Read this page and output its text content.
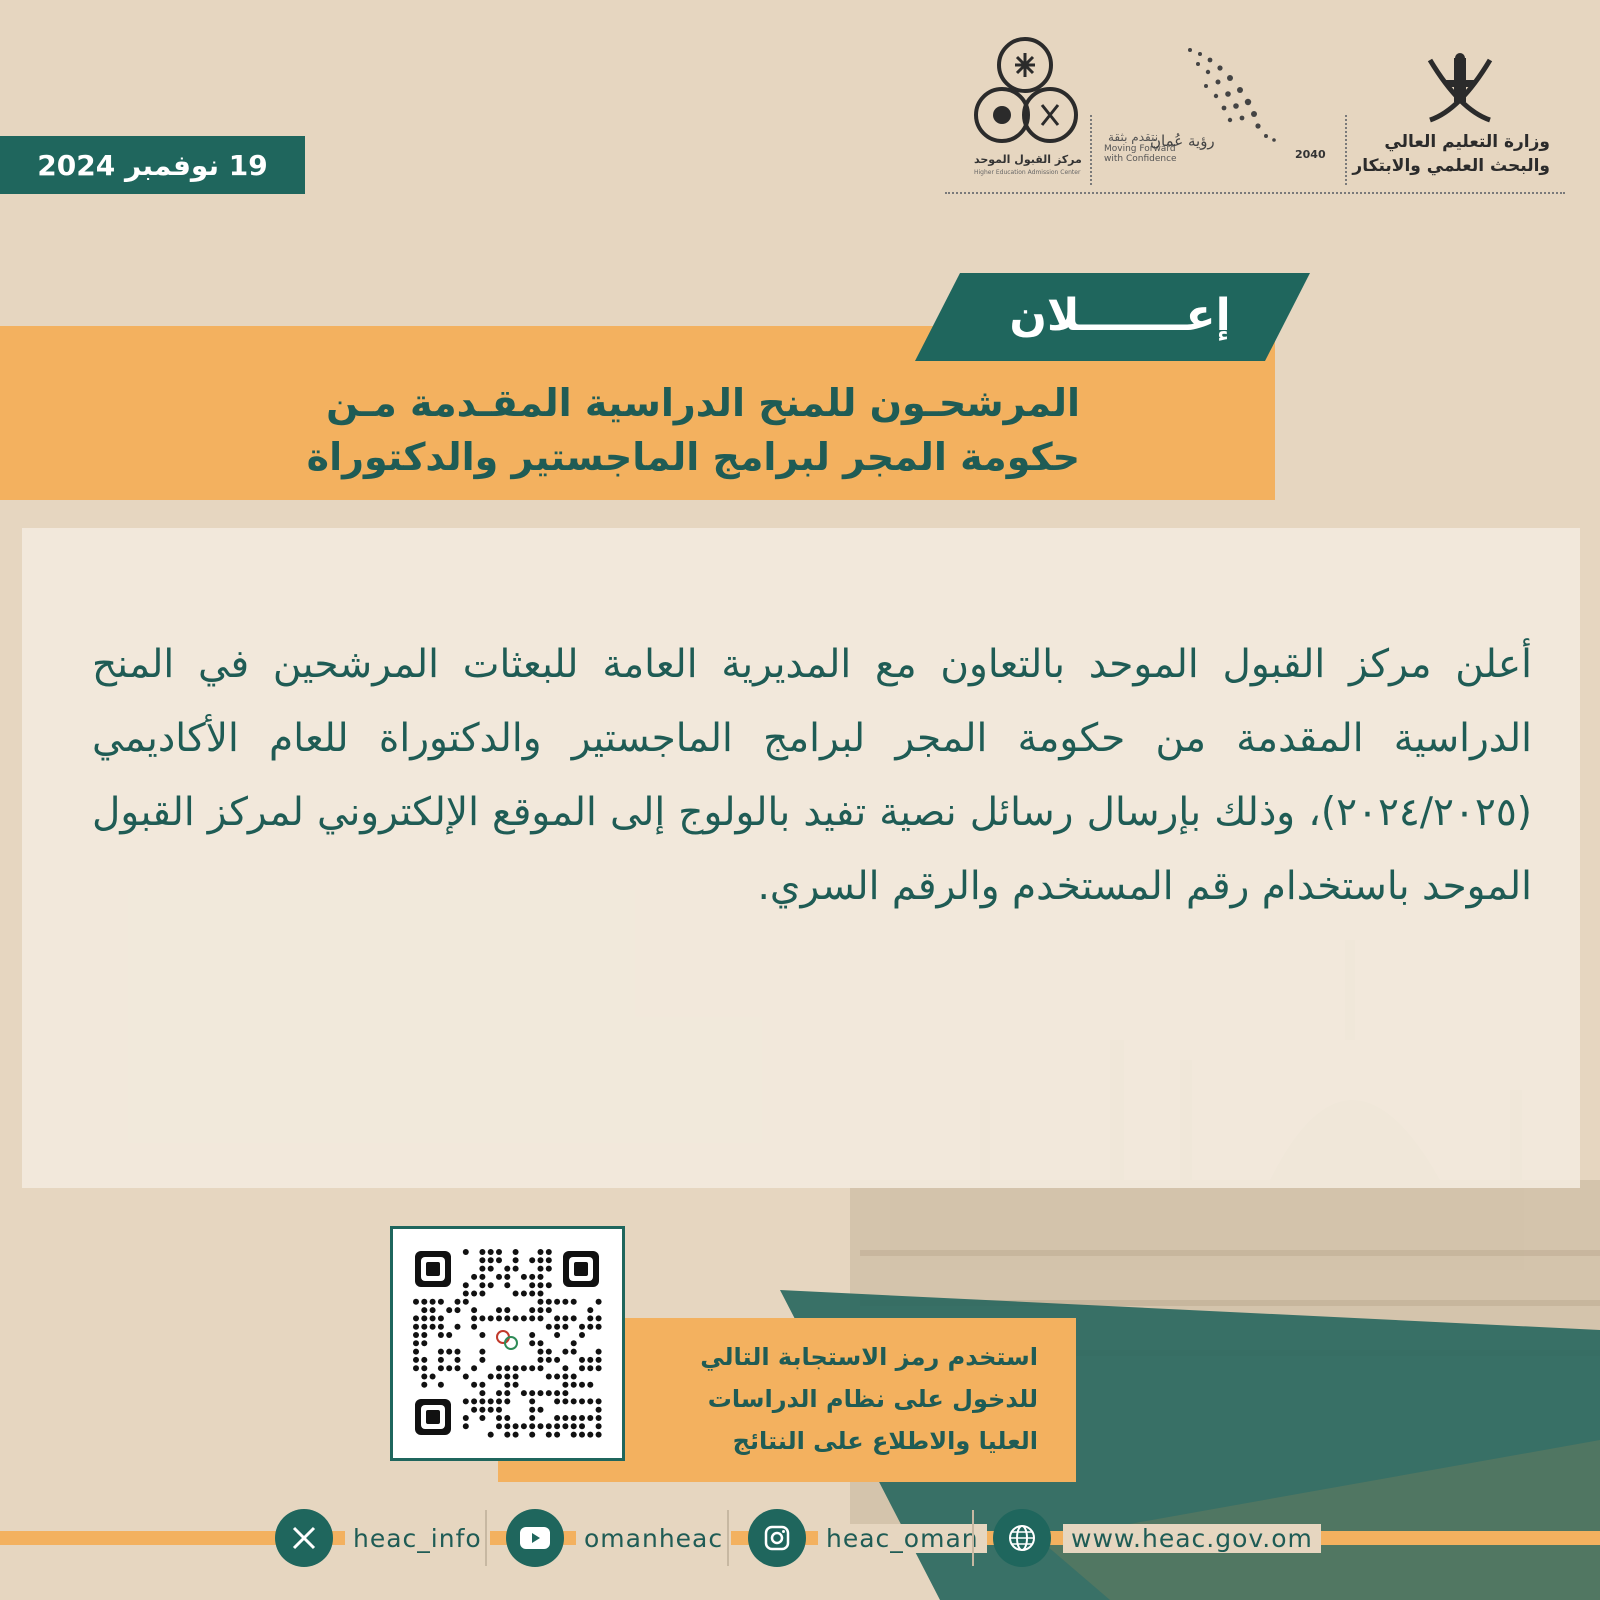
19 نوفمبر 2024	مركز القبول الموحد
Higher Education Admission Center
نتقدم بثقة
Moving Forward with Confidence
رؤية عُمان
2040
وزارة التعليم العالي
والبحث العلمي والابتكار
المرشحـون للمنح الدراسية المقـدمة مـن
حكومة المجر لبرامج الماجستير والدكتوراة
إعـــــــلان
أعلن مركز القبول الموحد بالتعاون مع المديرية العامة للبعثات المرشحين في المنح الدراسية المقدمة من حكومة المجر لبرامج الماجستير والدكتوراة للعام الأكاديمي (٢٠٢٤/٢٠٢٥)، وذلك بإرسال رسائل نصية تفيد بالولوج إلى الموقع الإلكتروني لمركز القبول الموحد باستخدام رقم المستخدم والرقم السري.
استخدم رمز الاستجابة التالي
للدخول على نظام الدراسات
العليا والاطلاع على النتائج
heac_info	omanheac	heac_oman	www.heac.gov.om
